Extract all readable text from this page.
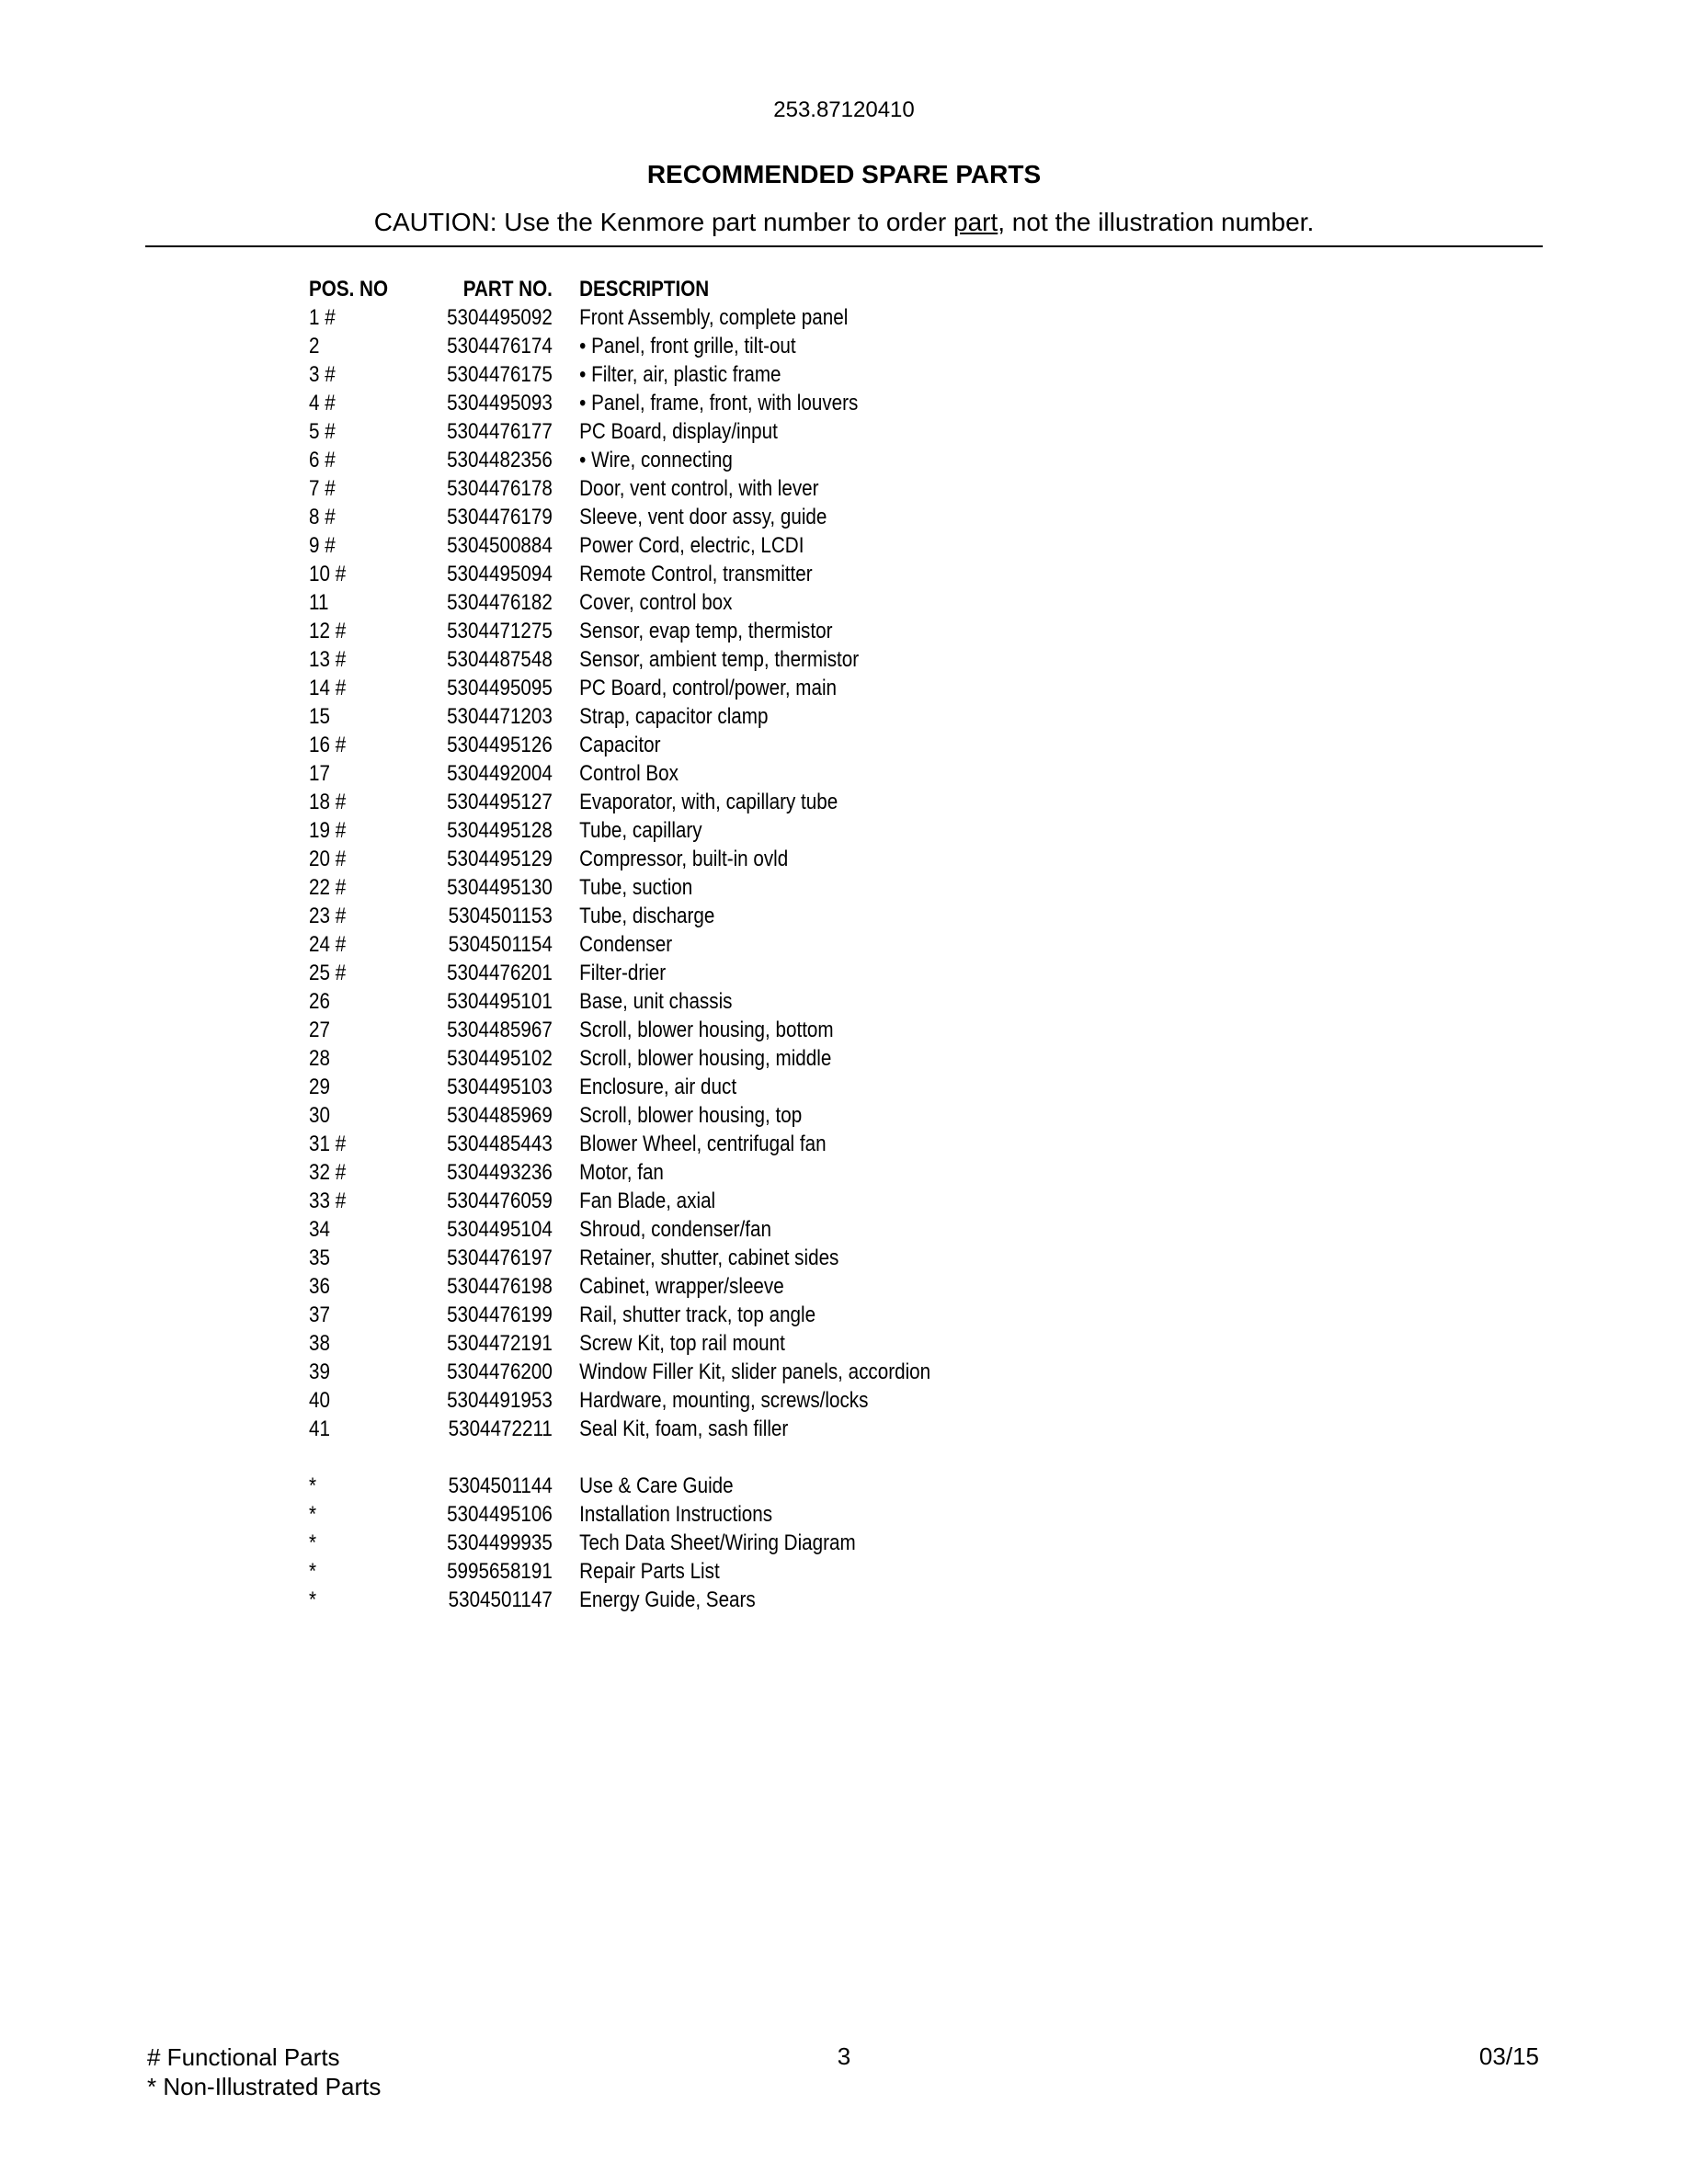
253.87120410
RECOMMENDED SPARE PARTS
CAUTION: Use the Kenmore part number to order part, not the illustration number.
POS. NO	PART NO.		DESCRIPTION
1 #	5304495092		Front Assembly, complete panel
2	5304476174		• Panel, front grille, tilt-out
3 #	5304476175		• Filter, air, plastic frame
4 #	5304495093		• Panel, frame, front, with louvers
5 #	5304476177		PC Board, display/input
6 #	5304482356		• Wire, connecting
7 #	5304476178		Door, vent control, with lever
8 #	5304476179		Sleeve, vent door assy, guide
9 #	5304500884		Power Cord, electric, LCDI
10 #	5304495094		Remote Control, transmitter
11	5304476182		Cover, control box
12 #	5304471275		Sensor, evap temp, thermistor
13 #	5304487548		Sensor, ambient temp, thermistor
14 #	5304495095		PC Board, control/power, main
15	5304471203		Strap, capacitor clamp
16 #	5304495126		Capacitor
17	5304492004		Control Box
18 #	5304495127		Evaporator, with, capillary tube
19 #	5304495128		Tube, capillary
20 #	5304495129		Compressor, built-in ovld
22 #	5304495130		Tube, suction
23 #	5304501153		Tube, discharge
24 #	5304501154		Condenser
25 #	5304476201		Filter-drier
26	5304495101		Base, unit chassis
27	5304485967		Scroll, blower housing, bottom
28	5304495102		Scroll, blower housing, middle
29	5304495103		Enclosure, air duct
30	5304485969		Scroll, blower housing, top
31 #	5304485443		Blower Wheel, centrifugal fan
32 #	5304493236		Motor, fan
33 #	5304476059		Fan Blade, axial
34	5304495104		Shroud, condenser/fan
35	5304476197		Retainer, shutter, cabinet sides
36	5304476198		Cabinet, wrapper/sleeve
37	5304476199		Rail, shutter track, top angle
38	5304472191		Screw Kit, top rail mount
39	5304476200		Window Filler Kit, slider panels, accordion
40	5304491953		Hardware, mounting, screws/locks
41	5304472211		Seal Kit, foam, sash filler

*	5304501144		Use & Care Guide
*	5304495106		Installation Instructions
*	5304499935		Tech Data Sheet/Wiring Diagram
*	5995658191		Repair Parts List
*	5304501147		Energy Guide, Sears
# Functional Parts
* Non-Illustrated Parts
3	03/15
